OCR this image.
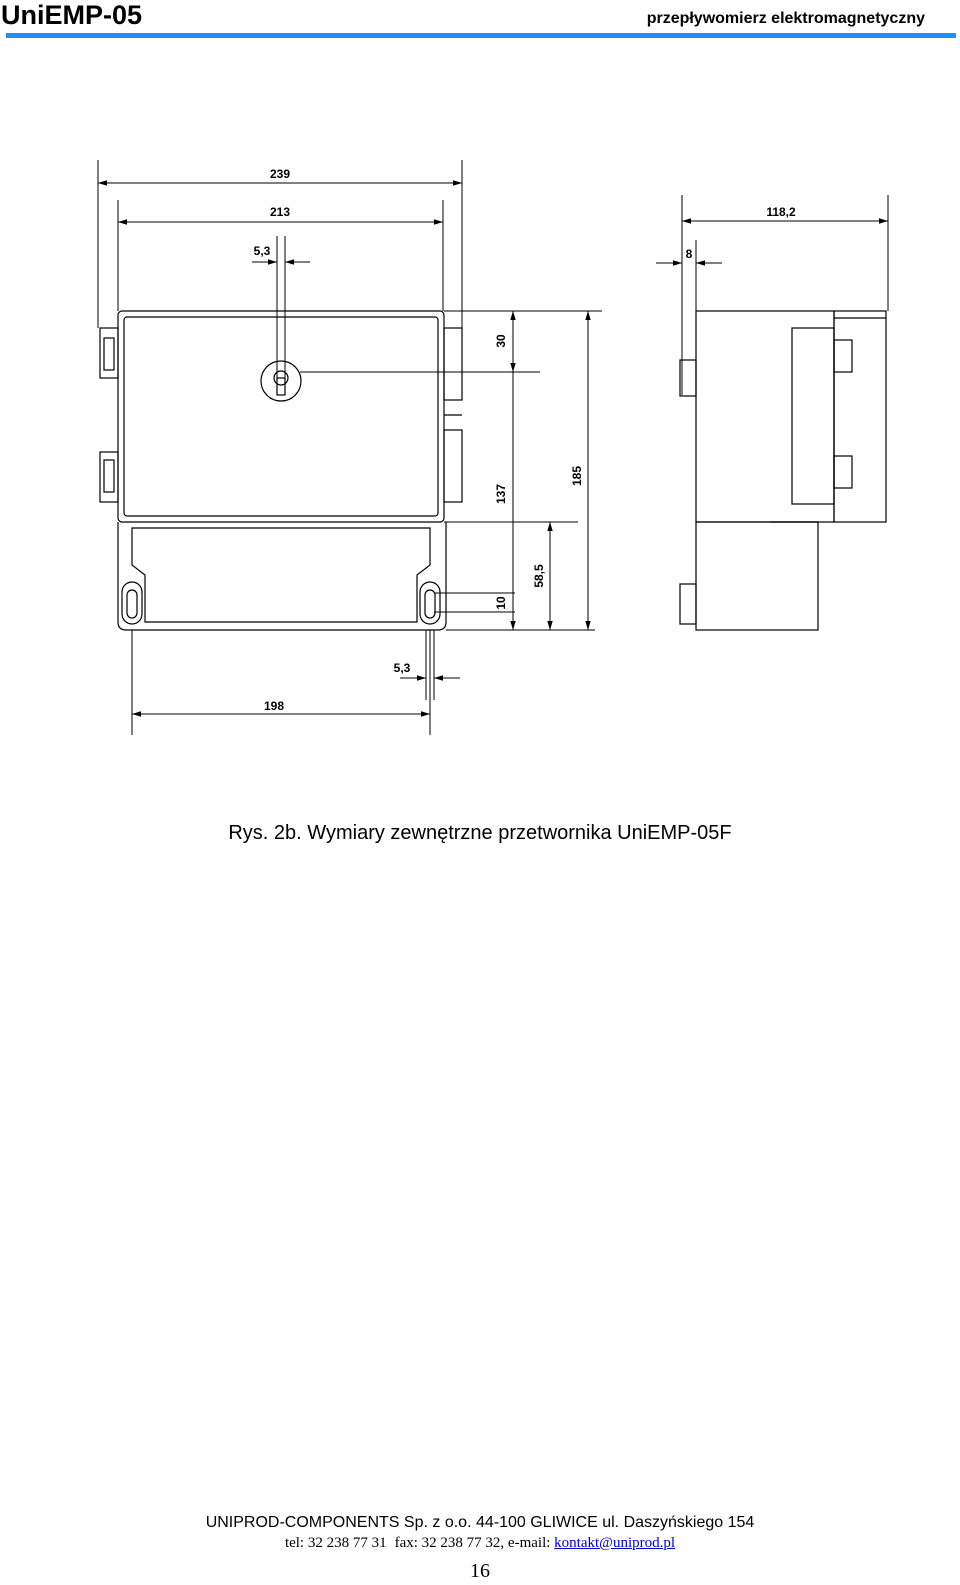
UniEMP-05	przepływomierz elektromagnetyczny
239
213
5,3
198
5,3
30
137
185
58,5
10
118,2
8
Rys. 2b. Wymiary zewnętrzne przetwornika UniEMP-05F
UNIPROD-COMPONENTS Sp. z o.o. 44-100 GLIWICE ul. Daszyńskiego 154
tel: 32 238 77 31 fax: 32 238 77 32, e-mail: kontakt@uniprod.pl
16
